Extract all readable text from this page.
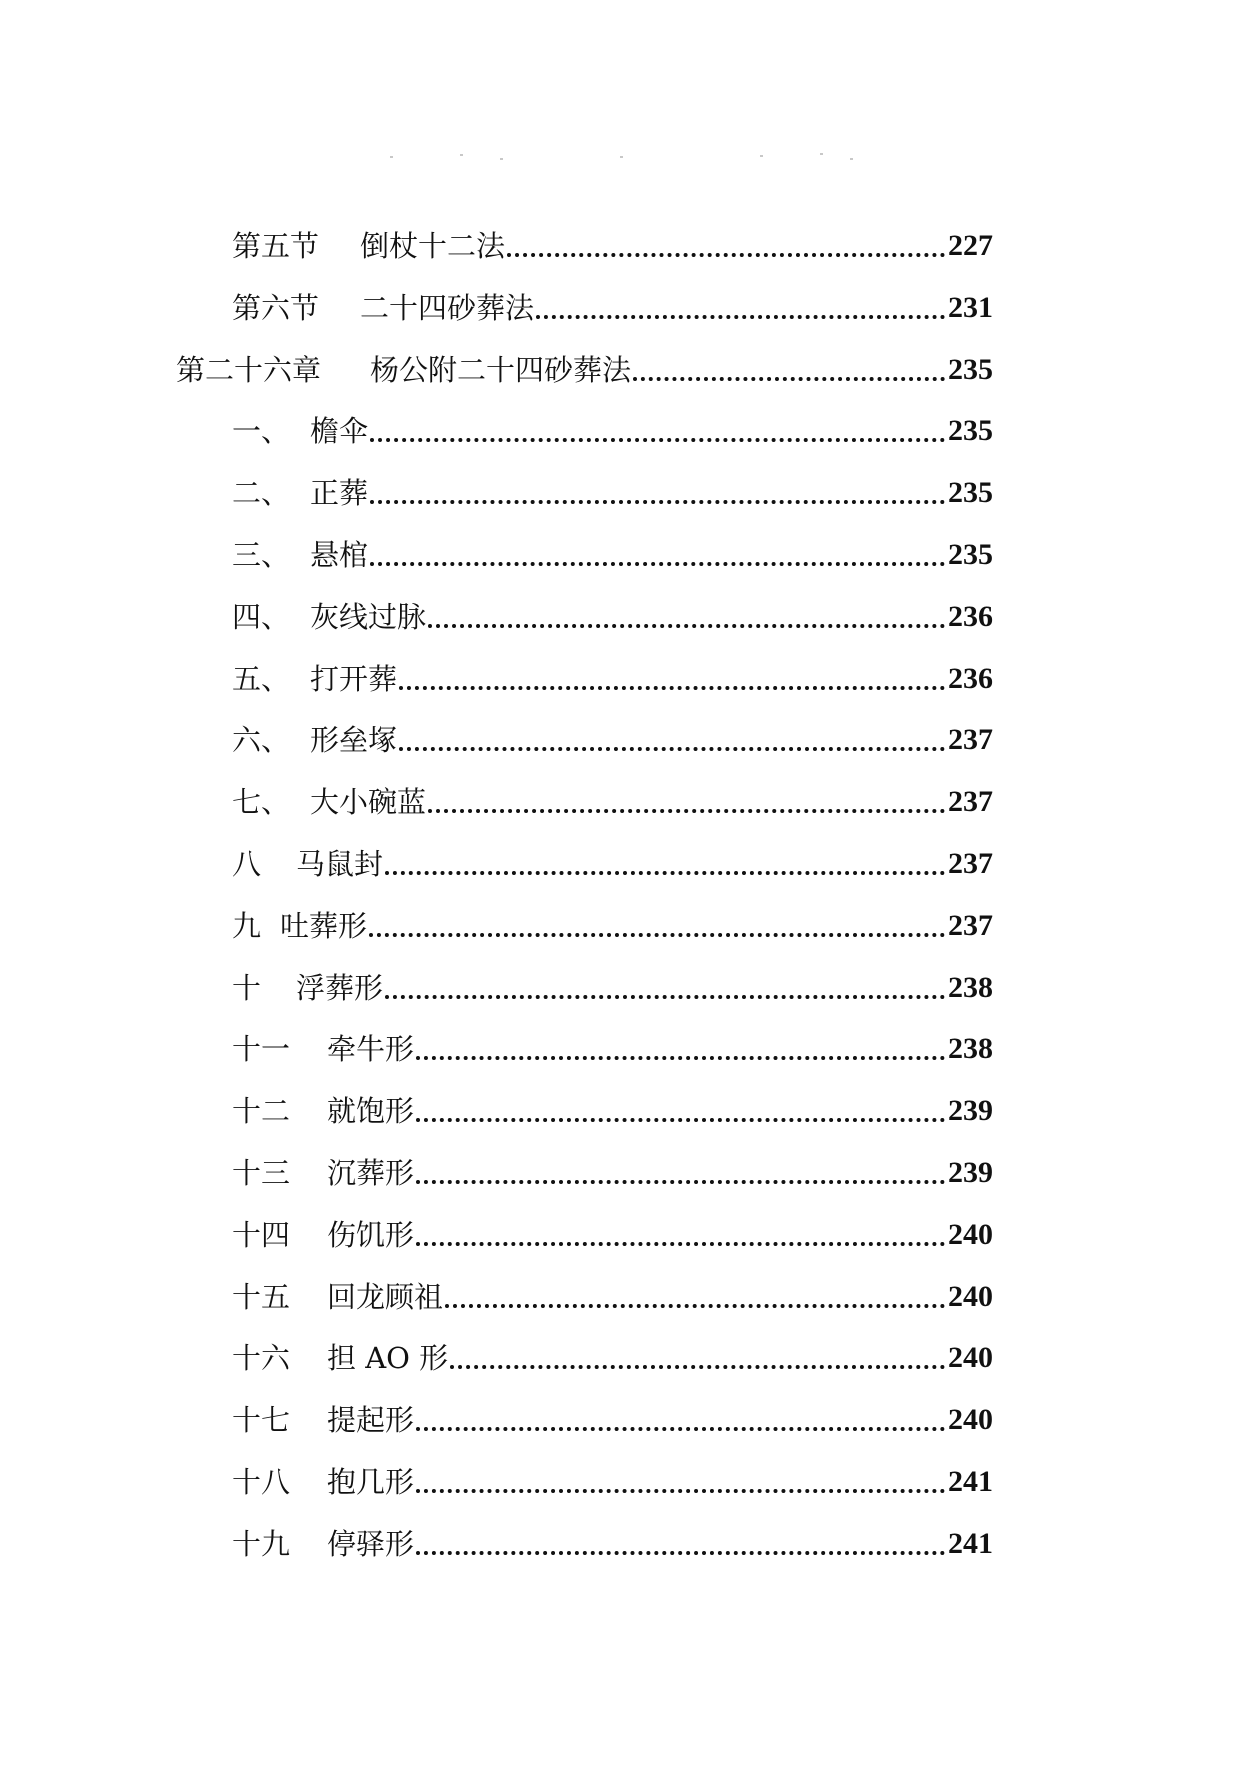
第五节	倒杖十二法	227
第六节	二十四砂葬法	231
第二十六章	杨公附二十四砂葬法	235
一、 檐伞	235
二、 正葬	235
三、 悬棺	235
四、 灰线过脉	236
五、 打开葬	236
六、 形垒塚	237
七、 大小碗蓝	237
八	马鼠封	237
九 吐葬形	237
十	浮葬形	238
十一	牵牛形	238
十二	就饱形	239
十三	沉葬形	239
十四	伤饥形	240
十五	回龙顾祖	240
十六	担 AO 形	240
十七	提起形	240
十八	抱几形	241
十九	停驿形	241
